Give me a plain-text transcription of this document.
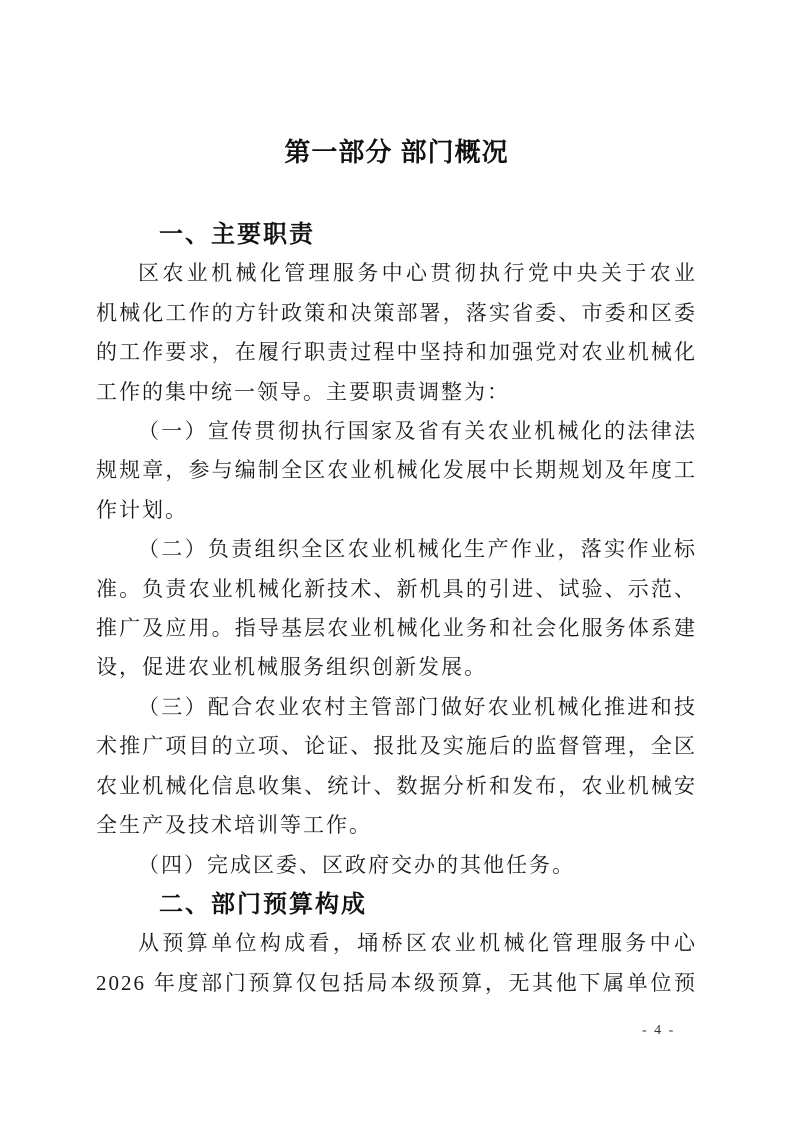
第一部分 部门概况
一、主要职责
区农业机械化管理服务中心贯彻执行党中央关于农业
机械化工作的方针政策和决策部署，落实省委、市委和区委
的工作要求，在履行职责过程中坚持和加强党对农业机械化
工作的集中统一领导。主要职责调整为：
（一）宣传贯彻执行国家及省有关农业机械化的法律法
规规章，参与编制全区农业机械化发展中长期规划及年度工
作计划。
（二）负责组织全区农业机械化生产作业，落实作业标
准。负责农业机械化新技术、新机具的引进、试验、示范、
推广及应用。指导基层农业机械化业务和社会化服务体系建
设，促进农业机械服务组织创新发展。
（三）配合农业农村主管部门做好农业机械化推进和技
术推广项目的立项、论证、报批及实施后的监督管理，全区
农业机械化信息收集、统计、数据分析和发布，农业机械安
全生产及技术培训等工作。
（四）完成区委、区政府交办的其他任务。
二、部门预算构成
从预算单位构成看，埇桥区农业机械化管理服务中心
2026 年度部门预算仅包括局本级预算，无其他下属单位预
- 4 -
